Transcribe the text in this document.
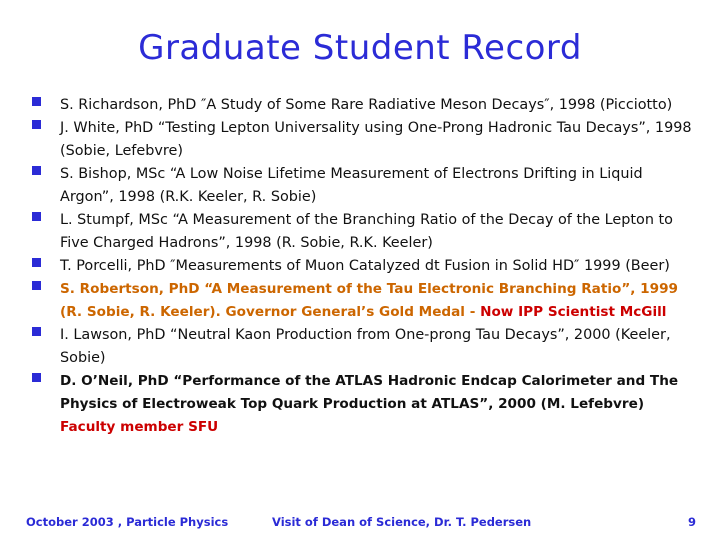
Graduate Student Record
S. Richardson, PhD ″A Study of Some Rare Radiative Meson Decays″, 1998 (Picciotto)
J. White, PhD “Testing Lepton Universality using One-Prong Hadronic Tau Decays”, 1998 (Sobie, Lefebvre)
S. Bishop, MSc “A Low Noise Lifetime Measurement of Electrons Drifting in Liquid Argon”, 1998 (R.K. Keeler, R. Sobie)
L. Stumpf, MSc “A Measurement of the Branching Ratio of the Decay of the Lepton to Five Charged Hadrons”, 1998 (R. Sobie, R.K. Keeler)
T. Porcelli, PhD ″Measurements of Muon Catalyzed dt Fusion in Solid HD″ 1999 (Beer)
S. Robertson, PhD “A Measurement of the Tau Electronic Branching Ratio”, 1999 (R. Sobie, R. Keeler). Governor General’s Gold Medal - Now IPP Scientist McGill
I. Lawson, PhD “Neutral Kaon Production from One-prong Tau Decays”, 2000 (Keeler, Sobie)
D. O’Neil, PhD “Performance of the ATLAS Hadronic Endcap Calorimeter and The Physics of Electroweak Top Quark Production at ATLAS”, 2000 (M. Lefebvre)
Faculty member SFU
October 2003 , Particle Physics	Visit of Dean of Science, Dr. T. Pedersen	9
